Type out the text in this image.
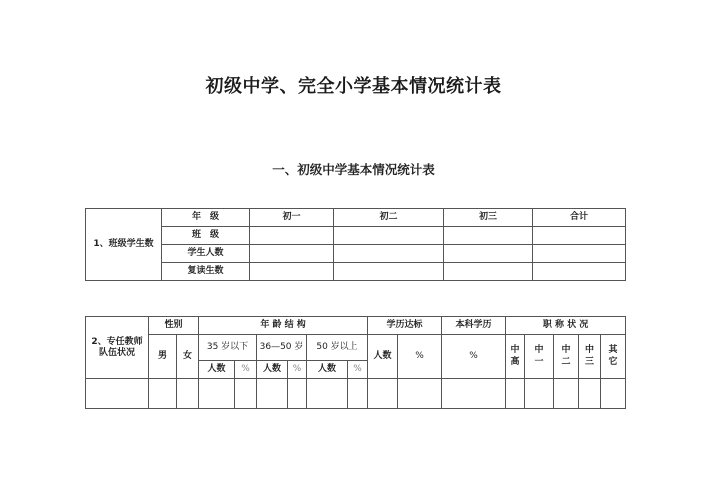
初级中学、完全小学基本情况统计表
一、初级中学基本情况统计表
1、班级学生数	年　级	初一	初二	初三	合计
	班　级				
	学生人数				
	复读生数				
2、专任教师
队伍状况	性别		年 龄 结 构						学历达标		本科学历	职 称 状 况				
	男	女	35 岁以下		36—50 岁		50 岁以上		人数	%	%	中高	中一	中二	中三	其它
			人数	%	人数	%	人数	%								
